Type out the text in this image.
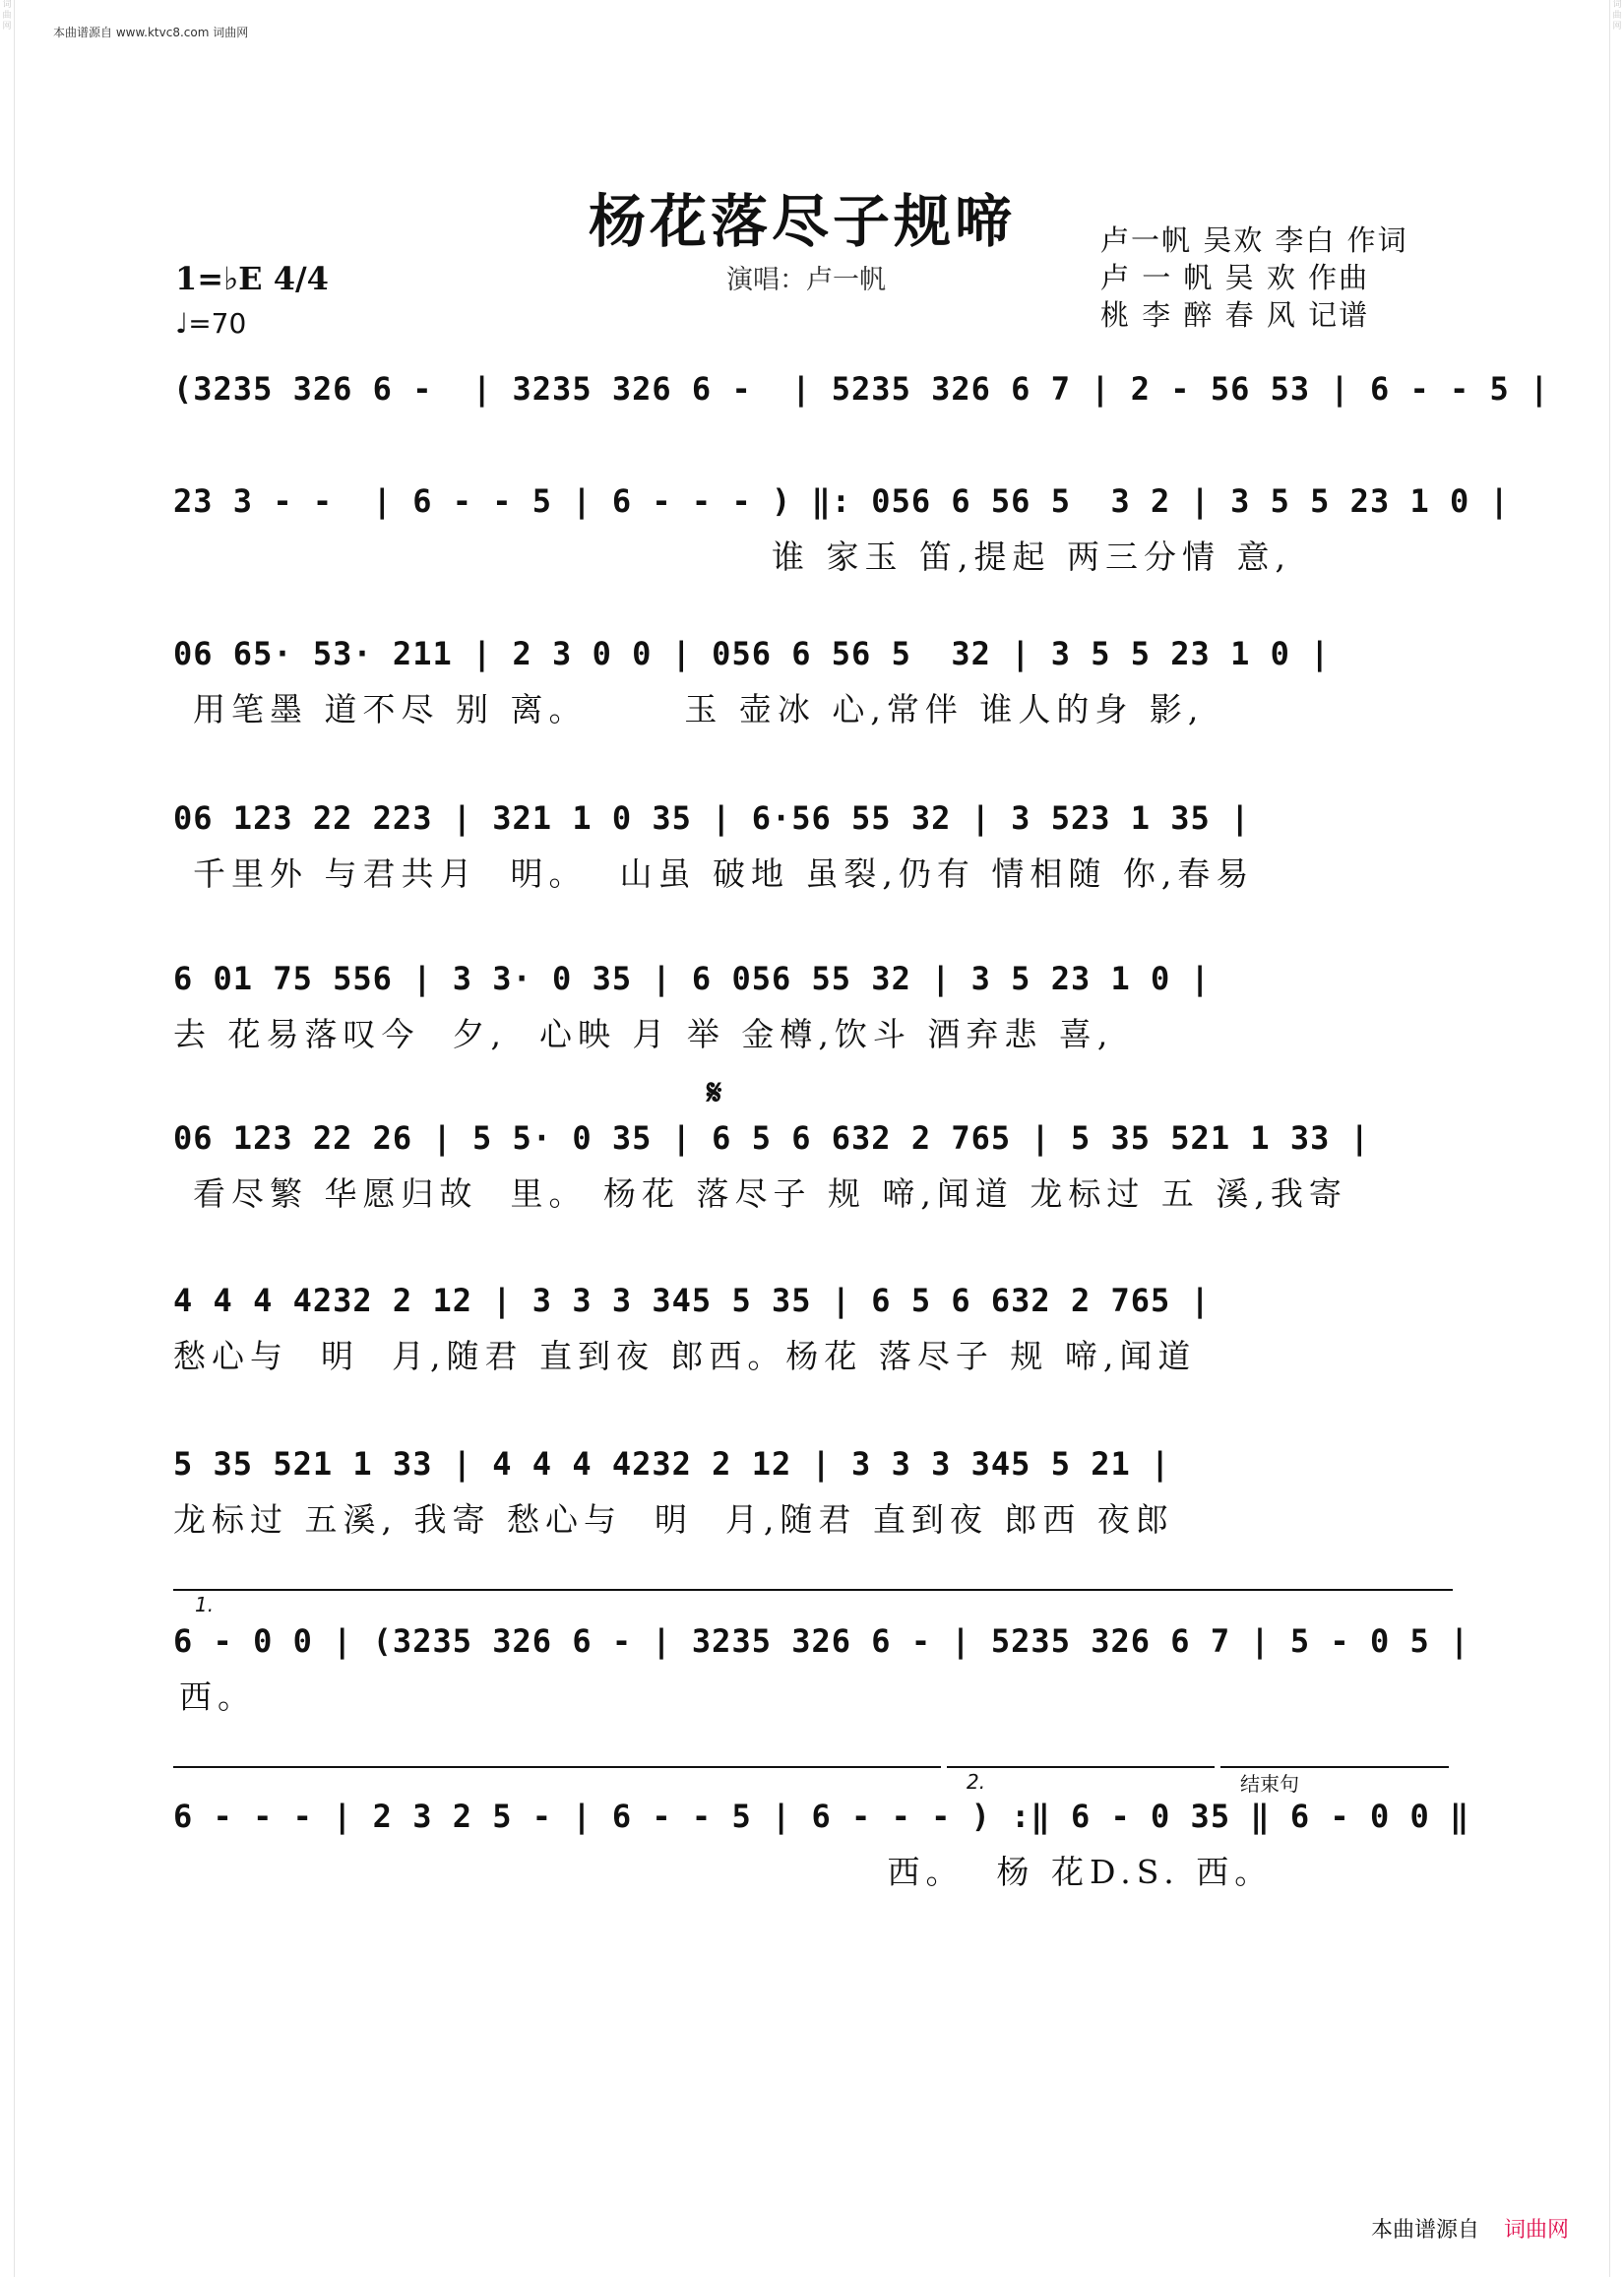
词曲网
词曲网
本曲谱源自 www.ktvc8.com 词曲网
杨花落尽子规啼
演唱：卢一帆
卢一帆 吴欢 李白 作词
卢 一 帆 吴 欢 作曲
桃 李 醉 春 风 记谱
1=♭E 4/4
♩=70
(3235 326 6 -  | 3235 326 6 -  | 5235 326 6 7 | 2 - 56 53 | 6 - - 5 |
23 3 - -  | 6 - - 5 | 6 - - - ) ‖: 056 6 56 5  3 2 | 3 5 5 23 1 0 |
谁 家玉 笛,提起 两三分情 意,
06 65· 53· 211 | 2 3 0 0 | 056 6 56 5  32 | 3 5 5 23 1 0 |
用笔墨 道不尽 别 离。      玉 壶冰 心,常伴 谁人的身 影,
06 123 22 223 | 321 1 0 35 | 6·56 55 32 | 3 523 1 35 |
千里外 与君共月  明。  山虽 破地 虽裂,仍有 情相随 你,春易
6 01 75 556 | 3 3· 0 35 | 6 056 55 32 | 3 5 23 1 0 |
去 花易落叹今  夕,  心映 月 举 金樽,饮斗 酒弃悲 喜,
𝄋
06 123 22 26 | 5 5· 0 35 | 6 5 6 632 2 765 | 5 35 521 1 33 |
看尽繁 华愿归故  里。 杨花 落尽子 规 啼,闻道 龙标过 五 溪,我寄
4 4 4 4232 2 12 | 3 3 3 345 5 35 | 6 5 6 632 2 765 |
愁心与  明  月,随君 直到夜 郎西。杨花 落尽子 规 啼,闻道
5 35 521 1 33 | 4 4 4 4232 2 12 | 3 3 3 345 5 21 |
龙标过 五溪, 我寄 愁心与  明  月,随君 直到夜 郎西 夜郎
1.
6 - 0 0 | (3235 326 6 - | 3235 326 6 - | 5235 326 6 7 | 5 - 0 5 |
西。
2.	结束句
6 - - - | 2 3 2 5 - | 6 - - 5 | 6 - - - ) :‖ 6 - 0 35 ‖ 6 - 0 0 ‖
西。  杨 花D.S. 西。
本曲谱源自 词曲网
